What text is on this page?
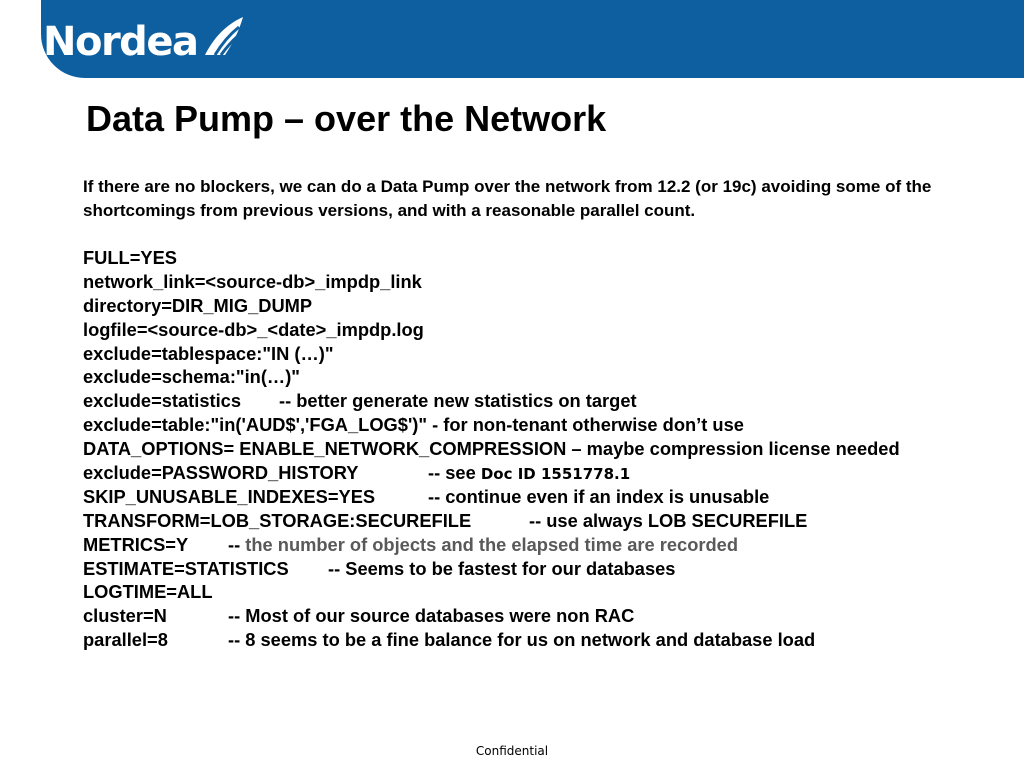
Nordea
Data Pump – over the Network

If there are no blockers, we can do a Data Pump over the network from 12.2 (or 19c) avoiding some of the shortcomings from previous versions, and with a reasonable parallel count.

FULL=YES
network_link=<source-db>_impdp_link
directory=DIR_MIG_DUMP
logfile=<source-db>_<date>_impdp.log
exclude=tablespace:"IN (…)"
exclude=schema:"in(…)"
exclude=statistics -- better generate new statistics on target
exclude=table:"in('AUD$','FGA_LOG$')" - for non-tenant otherwise don’t use
DATA_OPTIONS= ENABLE_NETWORK_COMPRESSION – maybe compression license needed
exclude=PASSWORD_HISTORY	-- see Doc ID 1551778.1
SKIP_UNUSABLE_INDEXES=YES	-- continue even if an index is unusable
TRANSFORM=LOB_STORAGE:SECUREFILE	-- use always LOB SECUREFILE
METRICS=Y -- the number of objects and the elapsed time are recorded
ESTIMATE=STATISTICS -- Seems to be fastest for our databases
LOGTIME=ALL
cluster=N	-- Most of our source databases were non RAC
parallel=8	-- 8 seems to be a fine balance for us on network and database load
Confidential
